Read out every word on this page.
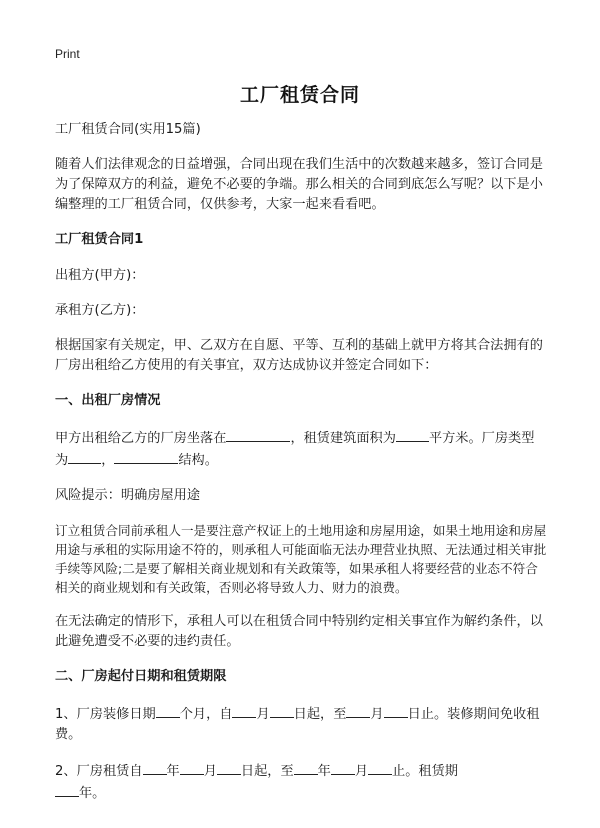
Print
工厂租赁合同

工厂租赁合同(实用15篇)

随着人们法律观念的日益增强，合同出现在我们生活中的次数越来越多，签订合同是为了保障双方的利益，避免不必要的争端。那么相关的合同到底怎么写呢？以下是小编整理的工厂租赁合同，仅供参考，大家一起来看看吧。

工厂租赁合同1

出租方(甲方)：

承租方(乙方)：

根据国家有关规定，甲、乙双方在自愿、平等、互利的基础上就甲方将其合法拥有的厂房出租给乙方使用的有关事宜，双方达成协议并签定合同如下：

一、出租厂房情况

甲方出租给乙方的厂房坐落在	，租赁建筑面积为	平方米。厂房类型为	，	结构。

风险提示：明确房屋用途

订立租赁合同前承租人一是要注意产权证上的土地用途和房屋用途，如果土地用途和房屋用途与承租的实际用途不符的，则承租人可能面临无法办理营业执照、无法通过相关审批手续等风险;二是要了解相关商业规划和有关政策等，如果承租人将要经营的业态不符合相关的商业规划和有关政策，否则必将导致人力、财力的浪费。

在无法确定的情形下，承租人可以在租赁合同中特别约定相关事宜作为解约条件，以此避免遭受不必要的违约责任。

二、厂房起付日期和租赁期限

1、厂房装修日期 个月，自 月 日起，至 月 日止。装修期间免收租费。

2、厂房租赁自 年 月 日起，至 年 月 止。租赁期
年。
